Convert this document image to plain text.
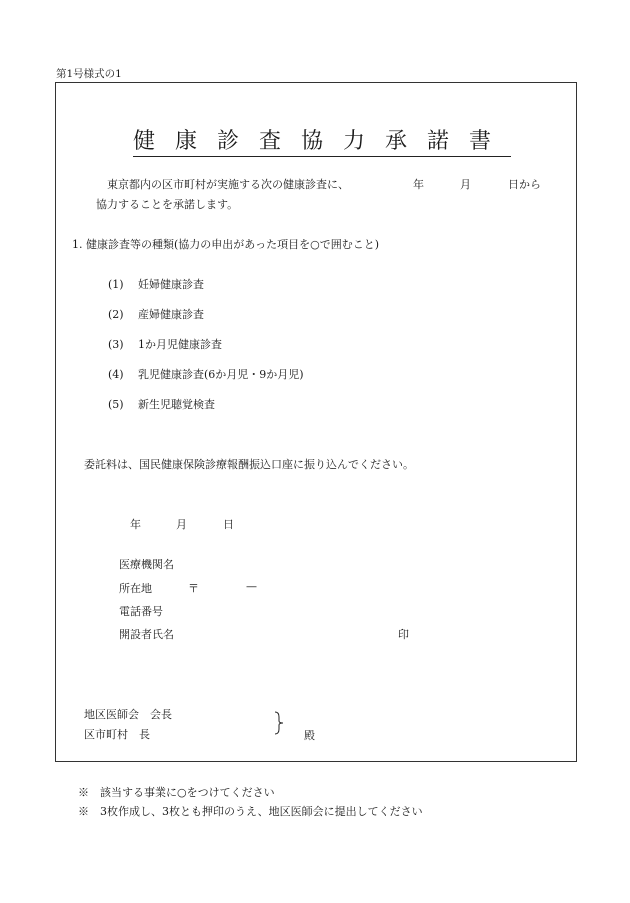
第1号様式の1
健康診査協力承諾書
東京都内の区市町村が実施する次の健康診査に、	年	月	日から
協力することを承諾します。
1. 健康診査等の種類(協力の申出があった項目を○で囲むこと)
(1) 妊婦健康診査
(2) 産婦健康診査
(3) 1か月児健康診査
(4) 乳児健康診査(6か月児・9か月児)
(5) 新生児聴覚検査
委託料は、国民健康保険診療報酬振込口座に振り込んでください。
年	月	日
医療機関名
所在地	〒	—
電話番号
開設者氏名	印
地区医師会　会長
区市町村　長	殿
※　該当する事業に○をつけてください
※　3枚作成し、3枚とも押印のうえ、地区医師会に提出してください
